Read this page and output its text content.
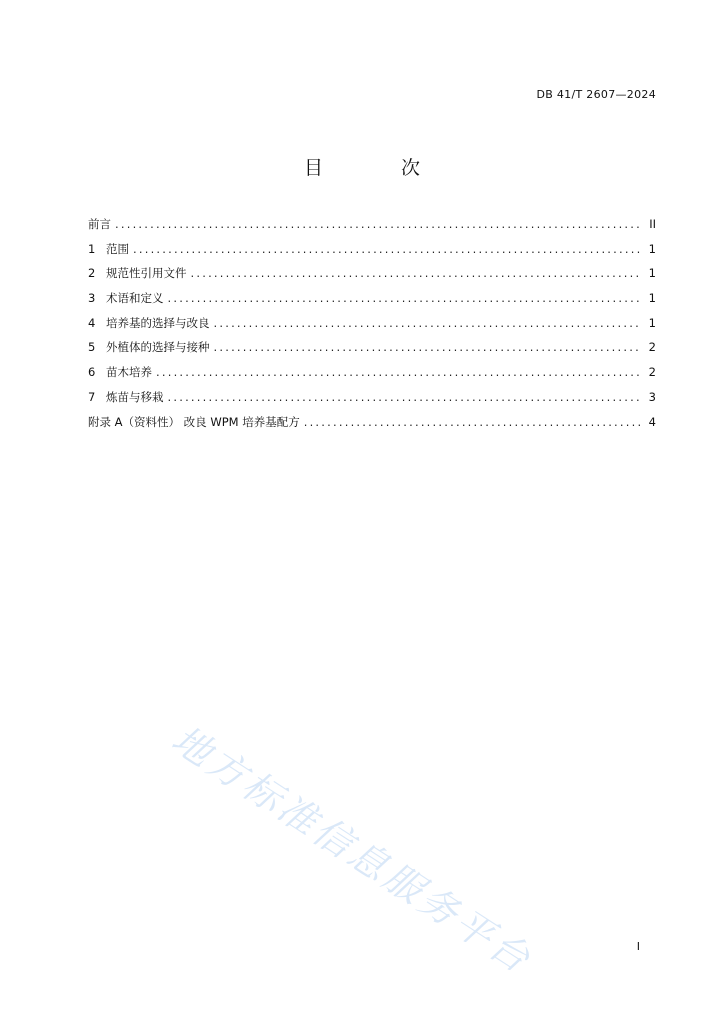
DB 41/T 2607—2024
目 次
前言 .....	II
1 范围 .....	1
2 规范性引用文件 .....	1
3 术语和定义 .....	1
4 培养基的选择与改良 .....	1
5 外植体的选择与接种 .....	2
6 苗木培养 .....	2
7 炼苗与移栽 .....	3
附录 A（资料性） 改良 WPM 培养基配方 .....	4
地方标准信息服务平台	I
